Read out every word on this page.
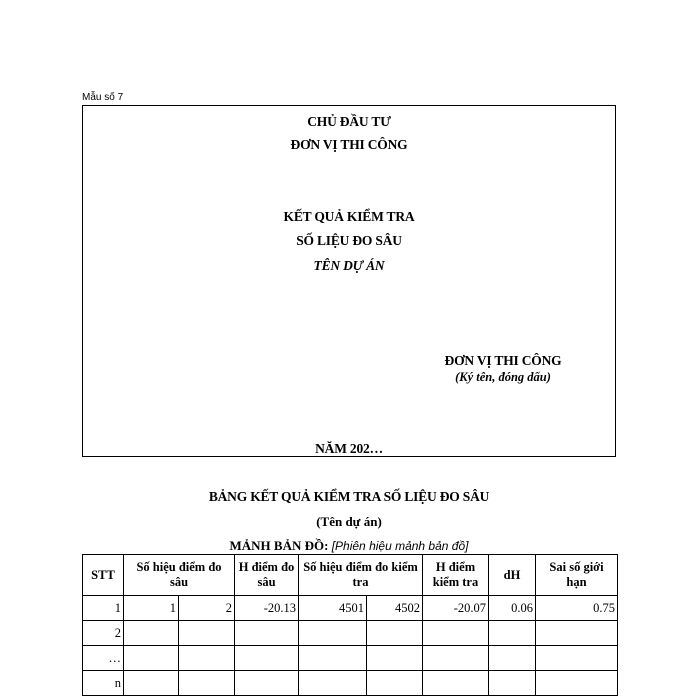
Mẫu số 7
CHỦ ĐẦU TƯ
ĐƠN VỊ THI CÔNG
KẾT QUẢ KIỂM TRA
SỐ LIỆU ĐO SÂU
TÊN DỰ ÁN
ĐƠN VỊ THI CÔNG
(Ký tên, đóng dấu)
NĂM 202…
BẢNG KẾT QUẢ KIỂM TRA SỐ LIỆU ĐO SÂU
(Tên dự án)
MẢNH BẢN ĐỒ: [Phiên hiệu mảnh bản đồ]
STT	Số hiệu điểm đo sâu		H điểm đo sâu	Số hiệu điểm đo kiểm tra		H điểm kiểm tra	dH	Sai số giới hạn
1	1	2	-20.13	4501	4502	-20.07	0.06	0.75
2								
…								
n								
